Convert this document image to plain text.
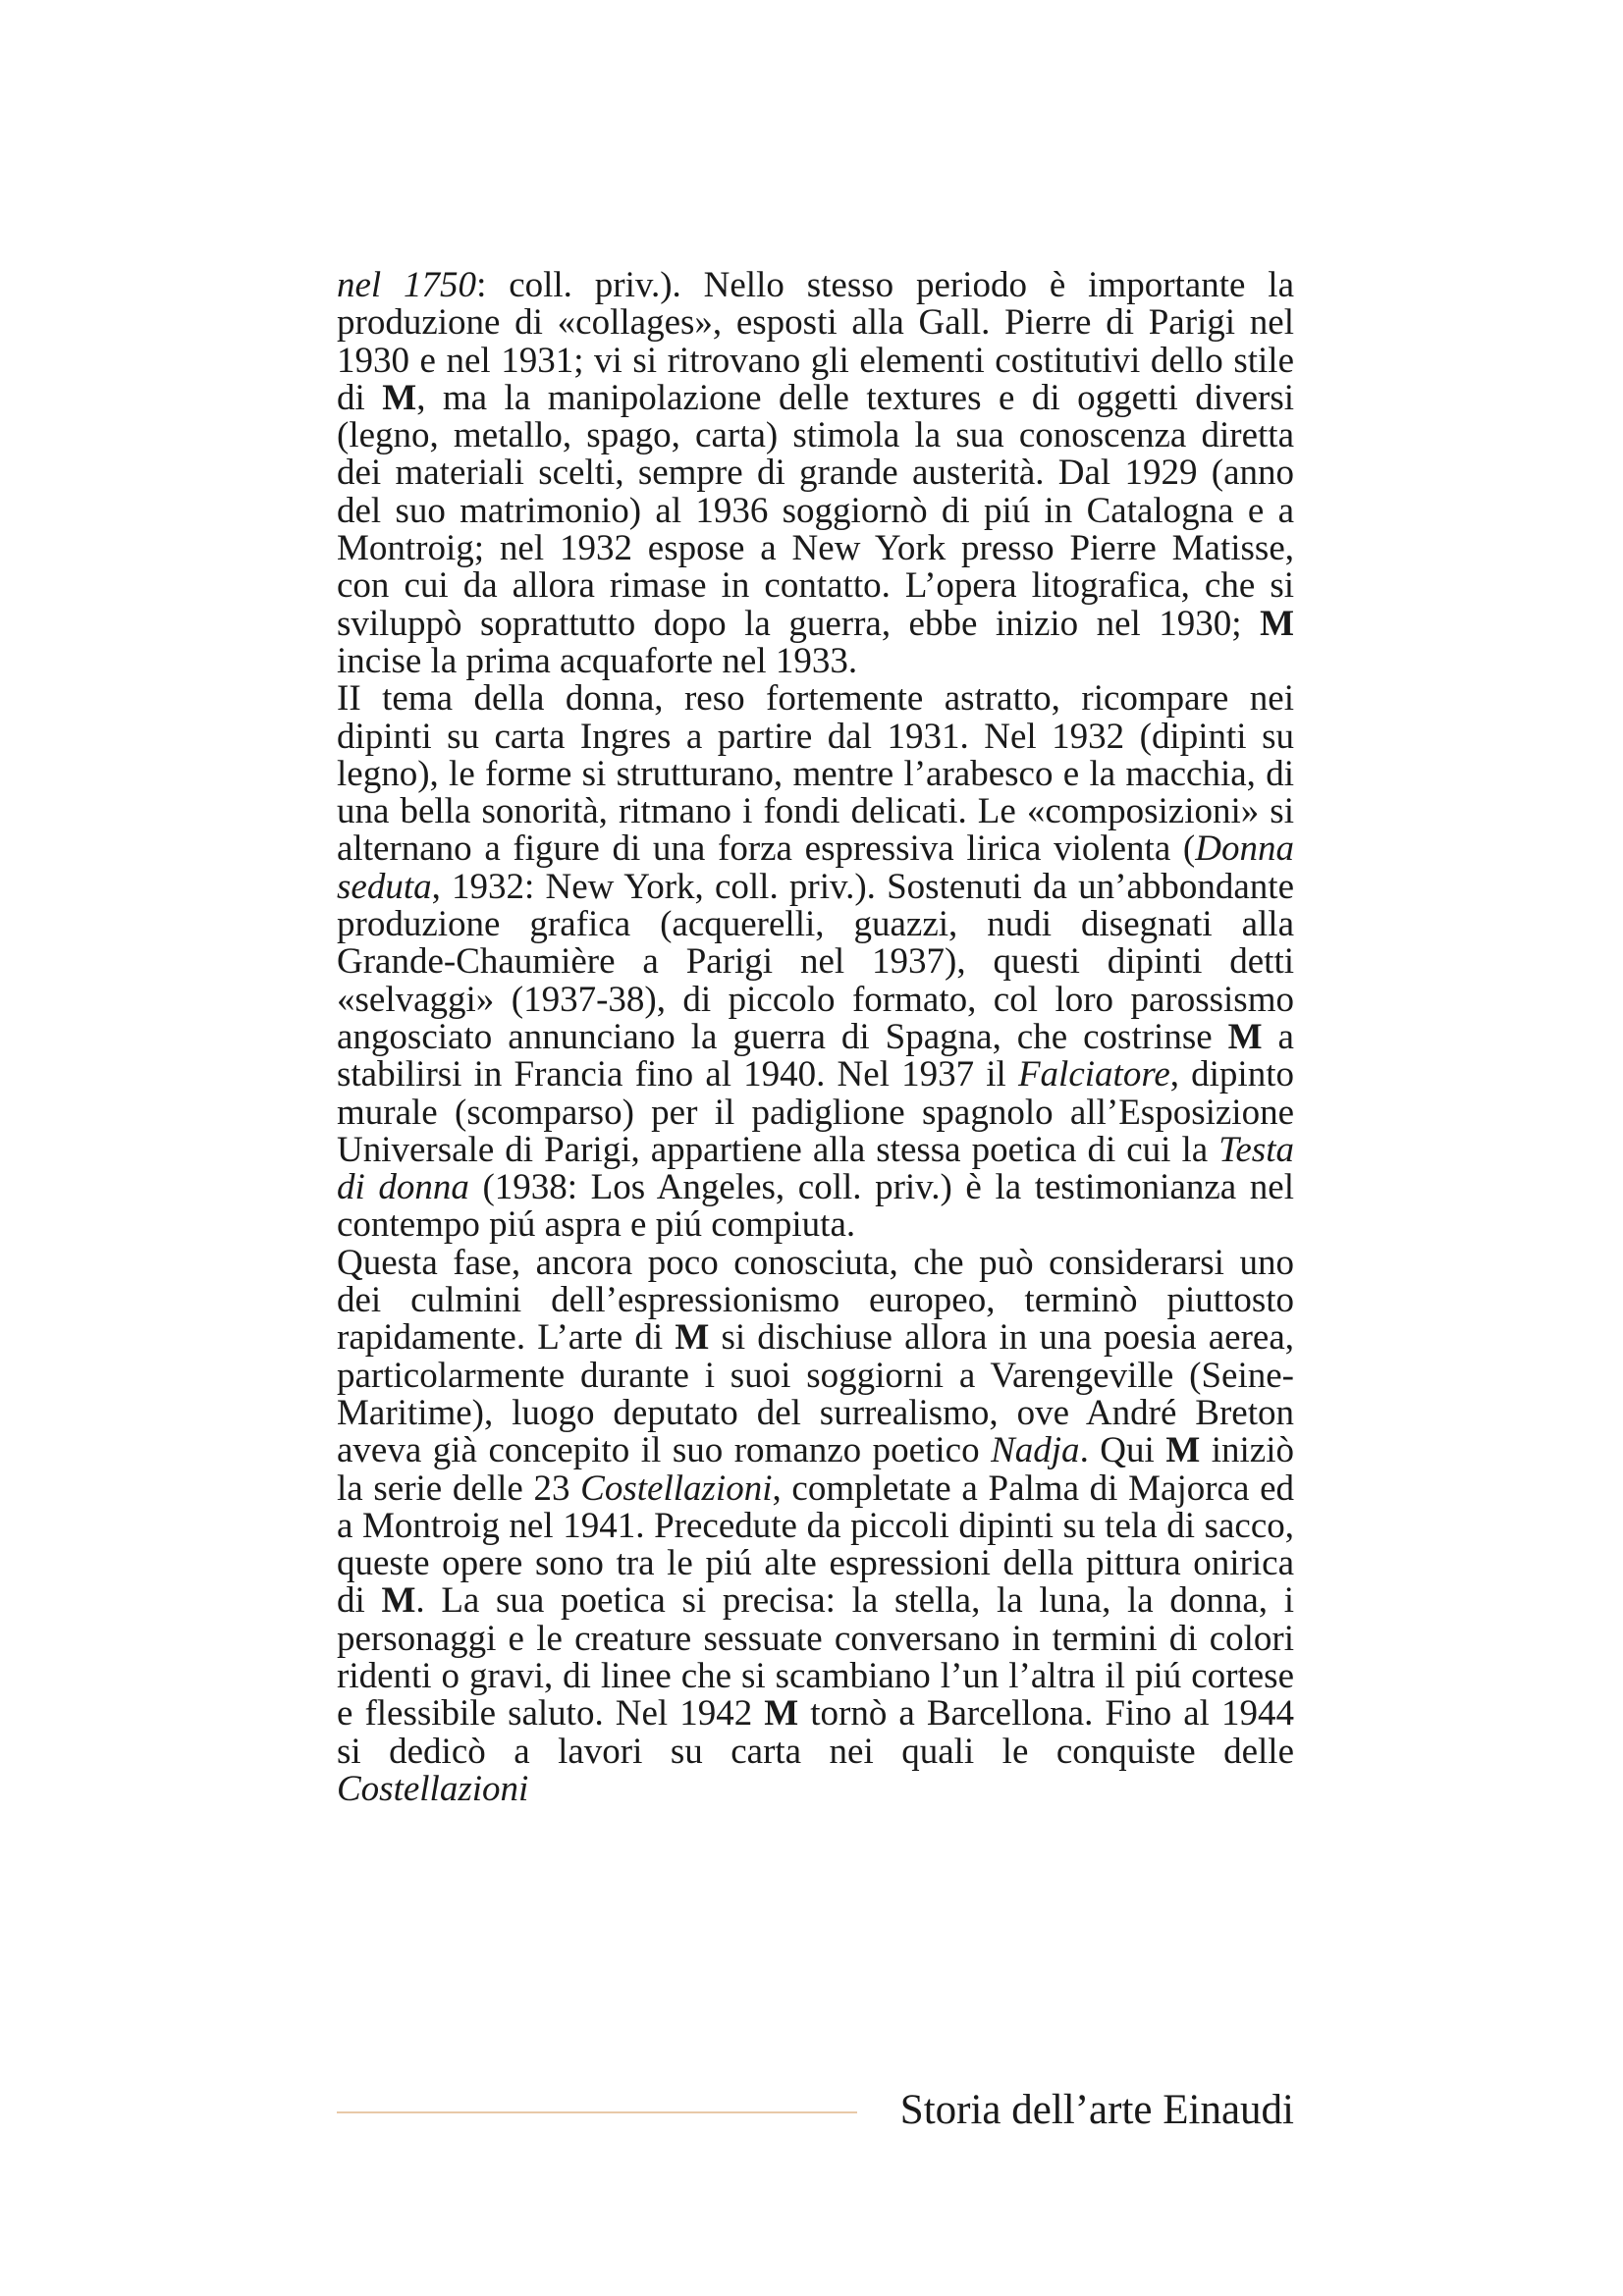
nel 1750: coll. priv.). Nello stesso periodo è importante la produzione di «collages», esposti alla Gall. Pierre di Parigi nel 1930 e nel 1931; vi si ritrovano gli elementi costitutivi dello stile di M, ma la manipolazione delle textures e di oggetti diversi (legno, metallo, spago, carta) stimola la sua conoscenza diretta dei materiali scelti, sempre di grande austerità. Dal 1929 (anno del suo matrimonio) al 1936 soggiornò di piú in Catalogna e a Montroig; nel 1932 espose a New York presso Pierre Matisse, con cui da allora rimase in contatto. L’opera litografica, che si sviluppò soprattutto dopo la guerra, ebbe inizio nel 1930; M incise la prima acquaforte nel 1933.

II tema della donna, reso fortemente astratto, ricompare nei dipinti su carta Ingres a partire dal 1931. Nel 1932 (dipinti su legno), le forme si strutturano, mentre l’arabesco e la macchia, di una bella sonorità, ritmano i fondi delicati. Le «composizioni» si alternano a figure di una forza espressiva lirica violenta (Donna seduta, 1932: New York, coll. priv.). Sostenuti da un’abbondante produzione grafica (acquerelli, guazzi, nudi disegnati alla Grande-Chaumière a Parigi nel 1937), questi dipinti detti «selvaggi» (1937-38), di piccolo formato, col loro parossismo angosciato annunciano la guerra di Spagna, che costrinse M a stabilirsi in Francia fino al 1940. Nel 1937 il Falciatore, dipinto murale (scomparso) per il padiglione spagnolo all’Esposizione Universale di Parigi, appartiene alla stessa poetica di cui la Testa di donna (1938: Los Angeles, coll. priv.) è la testimonianza nel contempo piú aspra e piú compiuta.

Questa fase, ancora poco conosciuta, che può considerarsi uno dei culmini dell’espressionismo europeo, terminò piuttosto rapidamente. L’arte di M si dischiuse allora in una poesia aerea, particolarmente durante i suoi soggiorni a Varengeville (Seine-Maritime), luogo deputato del surrealismo, ove André Breton aveva già concepito il suo romanzo poetico Nadja. Qui M iniziò la serie delle 23 Costellazioni, completate a Palma di Majorca ed a Montroig nel 1941. Precedute da piccoli dipinti su tela di sacco, queste opere sono tra le piú alte espressioni della pittura onirica di M. La sua poetica si precisa: la stella, la luna, la donna, i personaggi e le creature sessuate conversano in termini di colori ridenti o gravi, di linee che si scambiano l’un l’altra il piú cortese e flessibile saluto. Nel 1942 M tornò a Barcellona. Fino al 1944 si dedicò a lavori su carta nei quali le conquiste delle Costellazioni

Storia dell’arte Einaudi
